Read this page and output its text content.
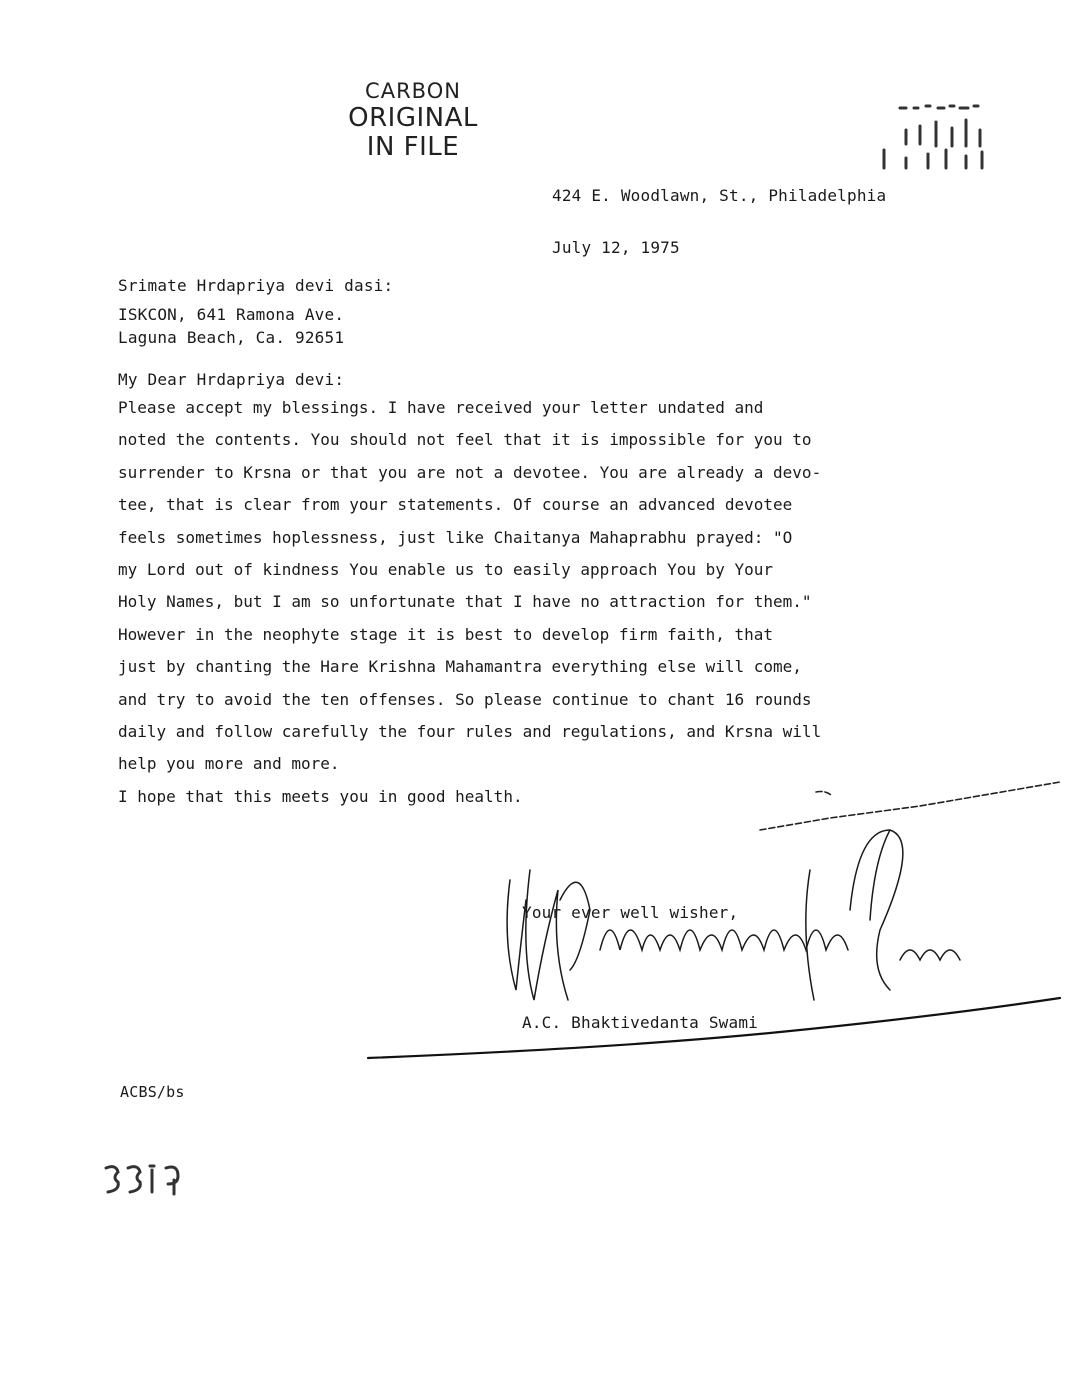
CARBON
ORIGINAL
IN FILE
424 E. Woodlawn, St., Philadelphia
July 12, 1975
Srimate Hrdapriya devi dasi:
ISKCON, 641 Ramona Ave.
Laguna Beach, Ca. 92651
My Dear Hrdapriya devi:
Please accept my blessings. I have received your letter undated and
noted the contents. You should not feel that it is impossible for you to
surrender to Krsna or that you are not a devotee. You are already a devo-
tee, that is clear from your statements. Of course an advanced devotee
feels sometimes hoplessness, just like Chaitanya Mahaprabhu prayed: "O
my Lord out of kindness You enable us to easily approach You by Your
Holy Names, but I am so unfortunate that I have no attraction for them."
However in the neophyte stage it is best to develop firm faith, that
just by chanting the Hare Krishna Mahamantra everything else will come,
and try to avoid the ten offenses. So please continue to chant 16 rounds
daily and follow carefully the four rules and regulations, and Krsna will
help you more and more.
I hope that this meets you in good health.
Your ever well wisher,
A.C. Bhaktivedanta Swami
ACBS/bs
